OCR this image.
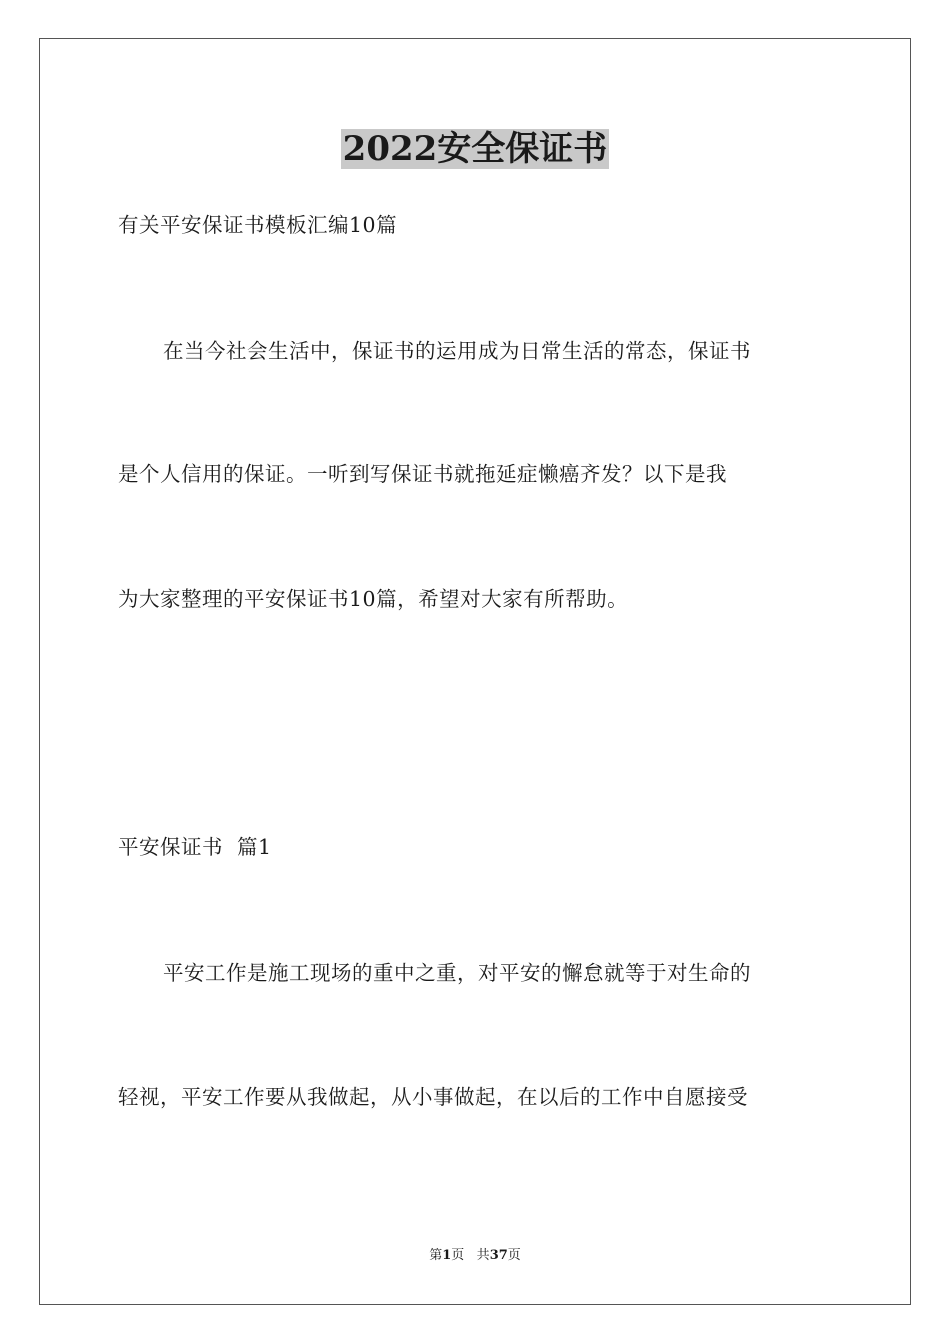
2022安全保证书

有关平安保证书模板汇编10篇

在当今社会生活中，保证书的运用成为日常生活的常态，保证书

是个人信用的保证。一听到写保证书就拖延症懒癌齐发？以下是我

为大家整理的平安保证书10篇，希望对大家有所帮助。

平安保证书  篇1

平安工作是施工现场的重中之重，对平安的懈怠就等于对生命的

轻视，平安工作要从我做起，从小事做起，在以后的工作中自愿接受

第1页 共37页
